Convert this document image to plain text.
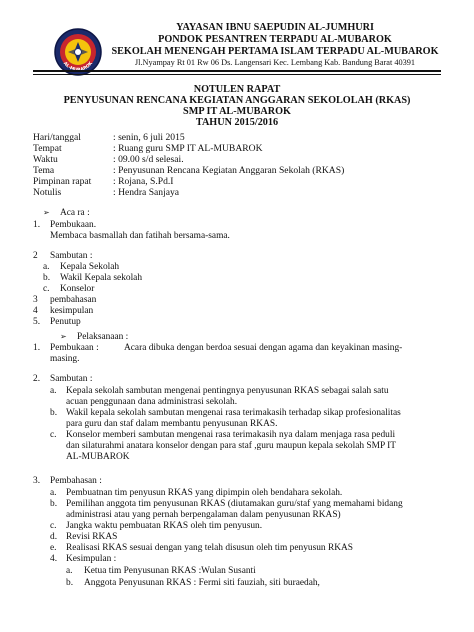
AL-MUBAROK
YAYASAN IBNU SAEPUDIN AL-JUMHURI
PONDOK PESANTREN TERPADU AL-MUBAROK
SEKOLAH MENENGAH PERTAMA ISLAM TERPADU AL-MUBAROK
Jl.Nyampay Rt 01 Rw 06 Ds. Langensari Kec. Lembang Kab. Bandung Barat 40391
NOTULEN RAPAT
PENYUSUNAN RENCANA KEGIATAN ANGGARAN SEKOLOLAH (RKAS)
SMP IT AL-MUBAROK
TAHUN 2015/2016
Hari/tanggal	: senin, 6 juli 2015
Tempat	: Ruang guru SMP IT AL-MUBAROK
Waktu	: 09.00 s/d selesai.
Tema	: Penyusunan Rencana Kegiatan Anggaran Sekolah (RKAS)
Pimpinan rapat : Rojana, S.Pd.I
Notulis	: Hendra Sanjaya
➢ Aca ra :
1. Pembukaan.
Membaca basmallah dan fatihah bersama-sama.
2 Sambutan :
a. Kepala Sekolah
b. Wakil Kepala sekolah
c. Konselor
3 pembahasan
4 kesimpulan
5. Penutup
➢ Pelaksanaan :
1. Pembukaan :	Acara dibuka dengan berdoa sesuai dengan agama dan keyakinan masing-
masing.
2. Sambutan :
a. Kepala sekolah sambutan mengenai pentingnya penyusunan RKAS sebagai salah satu
acuan penggunaan dana administrasi sekolah.
b. Wakil kepala sekolah sambutan mengenai rasa terimakasih terhadap sikap profesionalitas
para guru dan staf dalam membantu penyusunan RKAS.
c. Konselor memberi sambutan mengenai rasa terimakasih nya dalam menjaga rasa peduli
dan silaturahmi anatara konselor dengan para staf ,guru maupun kepala sekolah SMP IT
AL-MUBAROK
3. Pembahasan :
a. Pembuatnan tim penyusun RKAS yang dipimpin oleh bendahara sekolah.
b. Pemilihan anggota tim penyusunan RKAS (diutamakan guru/staf yang memahami bidang
administrasi atau yang pernah berpengalaman dalam penyusunan RKAS)
c. Jangka waktu pembuatan RKAS oleh tim penyusun.
d. Revisi RKAS
e. Realisasi RKAS sesuai dengan yang telah disusun oleh tim penyusun RKAS
4. Kesimpulan :
a. Ketua tim Penyusunan RKAS :Wulan Susanti
b. Anggota Penyusunan RKAS : Fermi siti fauziah, siti buraedah,
